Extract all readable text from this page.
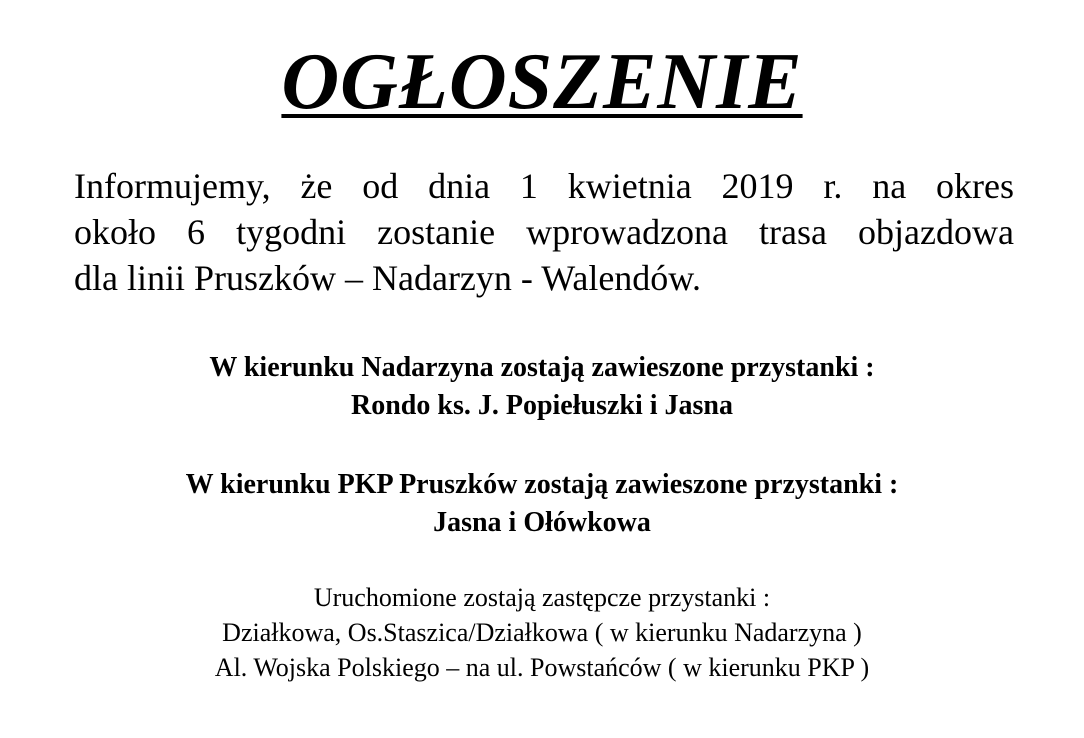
OGŁOSZENIE
Informujemy, że od dnia 1 kwietnia 2019 r. na okres
około 6 tygodni zostanie wprowadzona trasa objazdowa
dla linii Pruszków – Nadarzyn - Walendów.
W kierunku Nadarzyna zostają zawieszone przystanki :
Rondo ks. J. Popiełuszki i Jasna
W kierunku PKP Pruszków zostają zawieszone przystanki :
Jasna i Ołówkowa
Uruchomione zostają zastępcze przystanki :
Działkowa, Os.Staszica/Działkowa ( w kierunku Nadarzyna )
Al. Wojska Polskiego – na ul. Powstańców ( w kierunku PKP )
